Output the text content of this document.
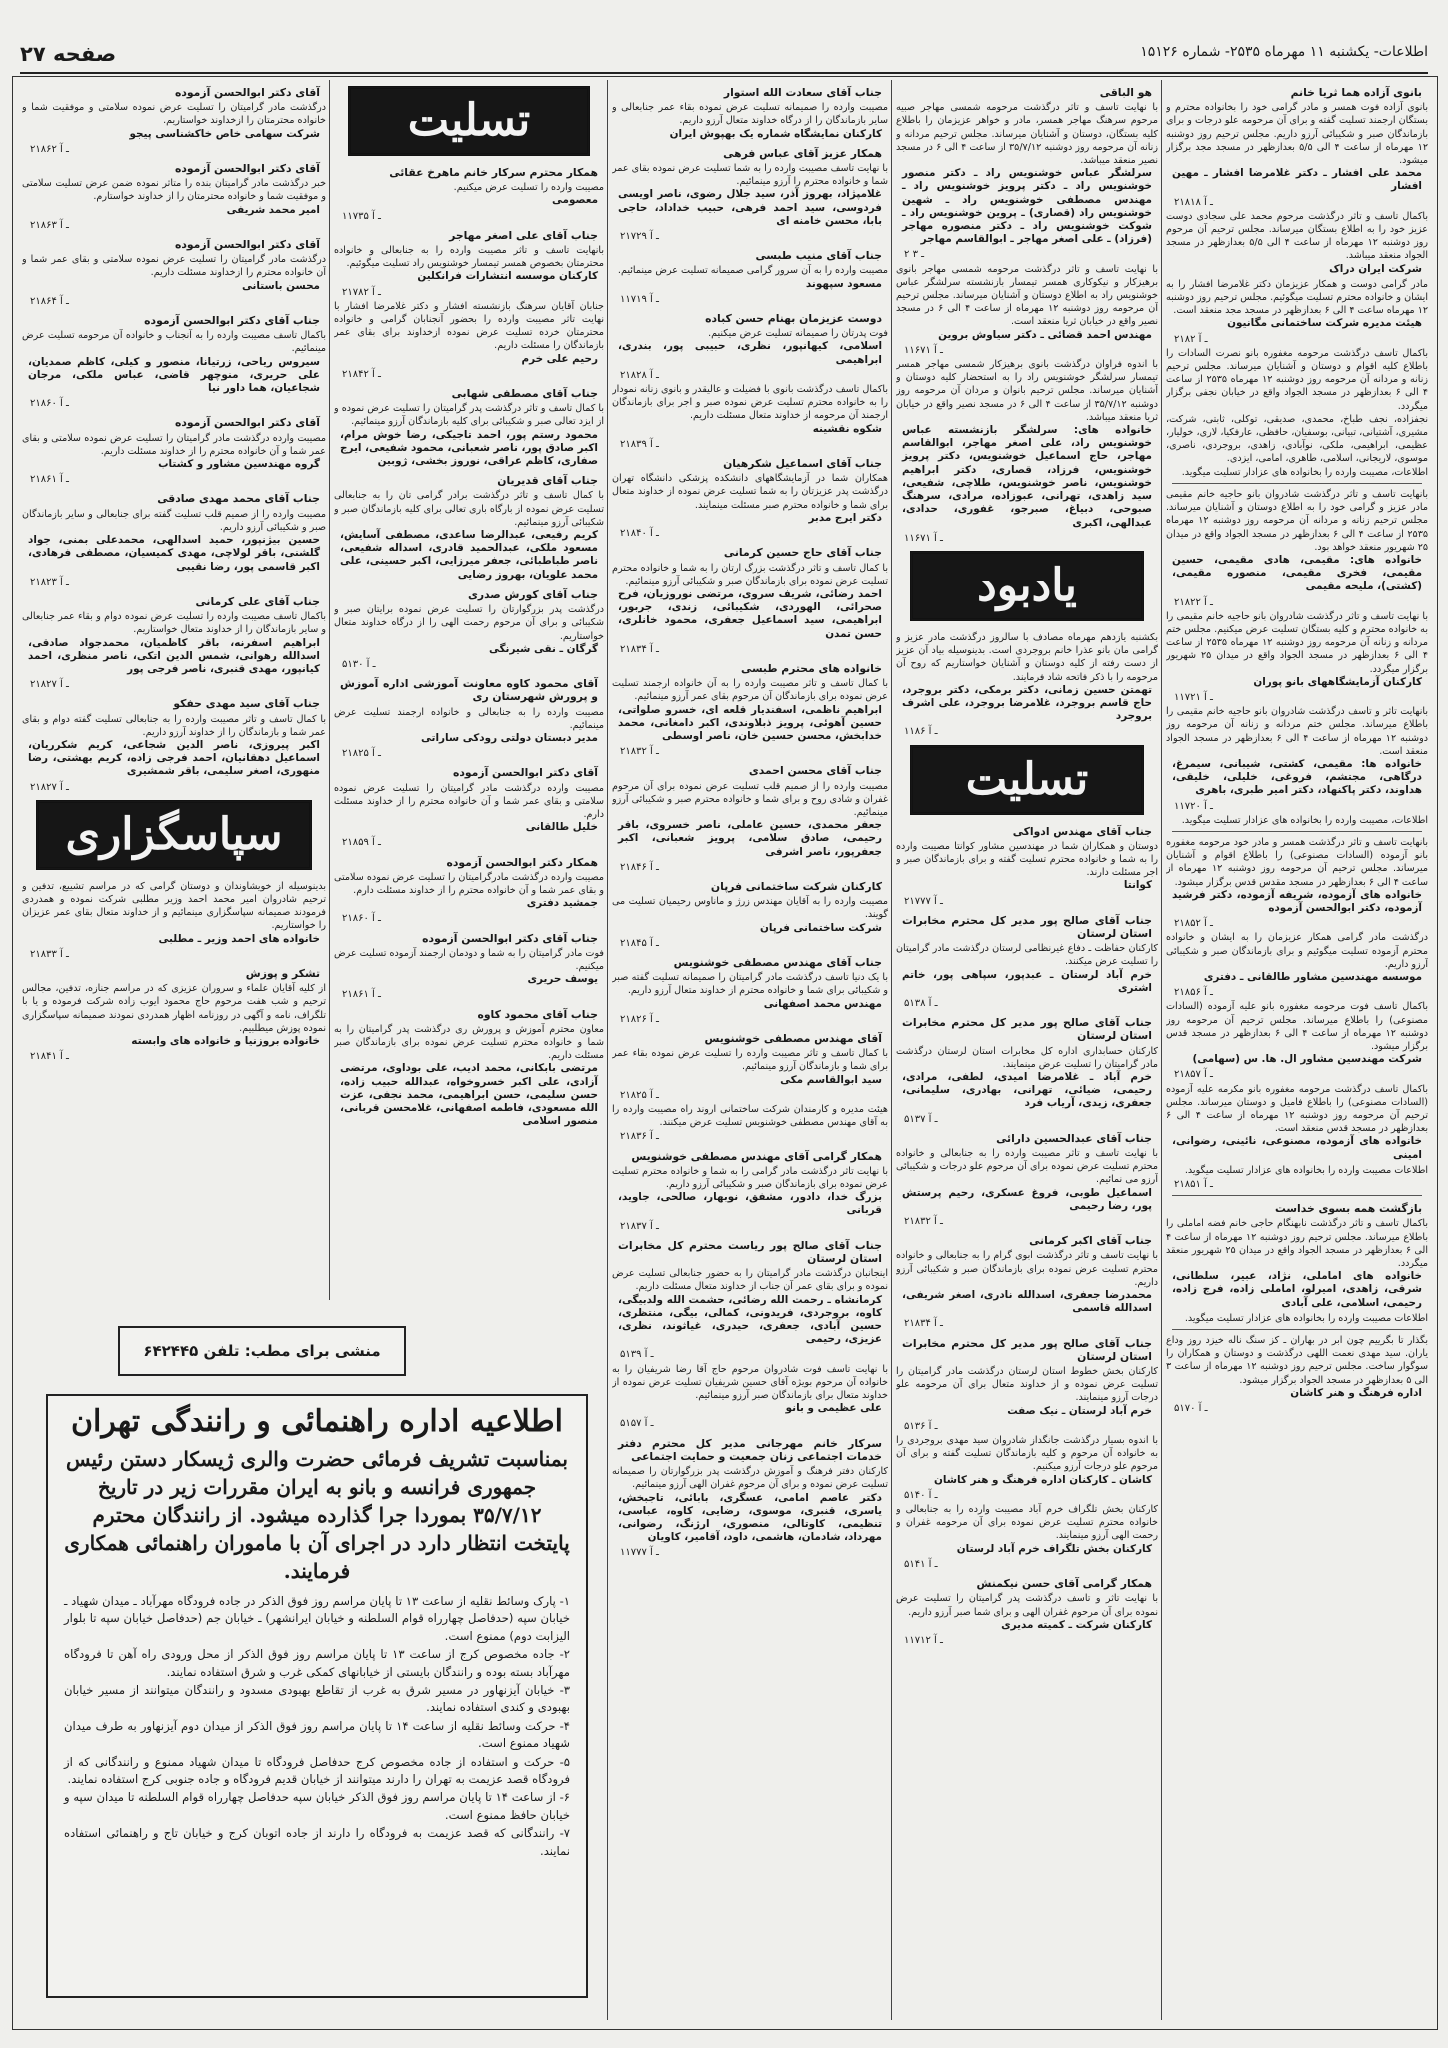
اطلاعات- یکشنبه ۱۱ مهرماه ۲۵۳۵- شماره ۱۵۱۲۶
صفحه ۲۷
بانوی آزاده هما ثریا خانم
بانوی آزاده فوت همسر و مادر گرامی خود را بخانواده محترم و بستگان ارجمند تسلیت گفته و برای آن مرحومه علو درجات و برای بازماندگان صبر و شکیبائی آرزو داریم. مجلس ترحیم روز دوشنبه ۱۲ مهرماه از ساعت ۴ الی ۵/۵ بعدازظهر در مسجد مجد برگزار میشود.
محمد علی افشار ـ دکتر غلامرضا افشار ـ مهین افشار
۲۱۸۱۸ ـ آ
باکمال تاسف و تاثر درگذشت مرحوم محمد علی سجادی دوست عزیز خود را به اطلاع بستگان میرساند. مجلس ترحیم آن مرحوم روز دوشنبه ۱۲ مهرماه از ساعت ۴ الی ۵/۵ بعدازظهر در مسجد الجواد منعقد میباشد.
شرکت ایران دراک
مادر گرامی دوست و همکار عزیزمان دکتر غلامرضا افشار را به ایشان و خانواده محترم تسلیت میگوئیم. مجلس ترحیم روز دوشنبه ۱۲ مهرماه ساعت ۴ الی ۶ بعدازظهر در مسجد مجد منعقد است.
هیئت مدیره شرکت ساختمانی مگانیون
۲۱۸۲ ـ آ
باکمال تاسف درگذشت مرحومه مغفوره بانو نصرت السادات را باطلاع کلیه اقوام و دوستان و آشنایان میرساند. مجلس ترحیم زنانه و مردانه آن مرحومه روز دوشنبه ۱۲ مهرماه ۲۵۳۵ از ساعت ۴ الی ۶ بعدازظهر در مسجد الجواد واقع در خیابان نجفی برگزار میگردد.
نجفزاده، نجف طباخ، محمدی، صدیقی، توکلی، ثابتی، شرکت، مشیری، آشتیانی، تبیانی، بوسفیان، حافظی، عارفکیا، لاری، خولیار، عظیمی، ابراهیمی، ملکی، نوآبادی، زاهدی، بروجردی، ناصری، موسوی، لاریجانی، اسلامی، طاهری، امامی، ایزدی.
اطلاعات، مصیبت وارده را بخانواده های عزادار تسلیت میگوید.
بانهایت تاسف و تاثر درگذشت شادروان بانو حاجیه خانم مقیمی مادر عزیز و گرامی خود را به اطلاع دوستان و آشنایان میرساند. مجلس ترحیم زنانه و مردانه آن مرحومه روز دوشنبه ۱۲ مهرماه ۲۵۳۵ از ساعت ۴ الی ۶ بعدازظهر در مسجد الجواد واقع در میدان ۲۵ شهریور منعقد خواهد بود.
خانواده های: مقیمی، هادی مقیمی، حسین مقیمی، فخری مقیمی، منصوره مقیمی، (کشتی)، ملیحه مقیمی
۲۱۸۲۲ ـ آ
با نهایت تاسف و تاثر درگذشت شادروان بانو حاجیه خانم مقیمی را به خانواده محترم و کلیه بستگان تسلیت عرض میکنیم. مجلس ختم مردانه و زنانه آن مرحومه روز دوشنبه ۱۲ مهرماه ۲۵۳۵ از ساعت ۴ الی ۶ بعدازظهر در مسجد الجواد واقع در میدان ۲۵ شهریور برگزار میگردد.
کارکنان آزمایشگاههای بانو پوران
۱۱۷۲۱ ـ آ
بانهایت تاثر و تاسف درگذشت شادروان بانو حاجیه خانم مقیمی را باطلاع میرساند. مجلس ختم مردانه و زنانه آن مرحومه روز دوشنبه ۱۲ مهرماه از ساعت ۴ الی ۶ بعدازظهر در مسجد الجواد منعقد است.
خانواده ها: مقیمی، کشتی، شیبانی، سیمرغ، درگاهی، مجتشم، فروغی، خلیلی، خلیقی، هداوند، دکتر پاکنهاد، دکتر امیر طبری، باهری
۱۱۷۲۰ ـ آ
اطلاعات، مصیبت وارده را بخانواده های عزادار تسلیت میگوید.
بانهایت تاسف و تاثر درگذشت همسر و مادر خود مرحومه مغفوره بانو آزموده (السادات مصنوعی) را باطلاع اقوام و آشنایان میرساند. مجلس ترحیم آن مرحومه روز دوشنبه ۱۲ مهرماه از ساعت ۴ الی ۶ بعدازظهر در مسجد مقدس قدس برگزار میشود.
خانواده های آزموده، شریفه آزموده، دکتر فرشید آزموده، دکتر ابوالحسن آزموده
۲۱۸۵۲ ـ آ
درگذشت مادر گرامی همکار عزیزمان را به ایشان و خانواده محترم آزموده تسلیت میگوئیم و برای بازماندگان صبر و شکیبائی آرزو داریم.
موسسه مهندسین مشاور طالقانی ـ دفتری
۲۱۸۵۶ ـ آ
باکمال تاسف فوت مرحومه مغفوره بانو علیه آزموده (السادات مصنوعی) را باطلاع میرساند. مجلس ترحیم آن مرحومه روز دوشنبه ۱۲ مهرماه از ساعت ۴ الی ۶ بعدازظهر در مسجد قدس برگزار میشود.
شرکت مهندسین مشاور ال. ها. س (سهامی)
۲۱۸۵۷ ـ آ
باکمال تاسف درگذشت مرحومه مغفوره بانو مکرمه علیه آزموده (السادات مصنوعی) را باطلاع فامیل و دوستان میرساند. مجلس ترحیم آن مرحومه روز دوشنبه ۱۲ مهرماه از ساعت ۴ الی ۶ بعدازظهر در مسجد قدس منعقد است.
خانواده های آزموده، مصنوعی، نائینی، رضوانی، امینی
اطلاعات مصیبت وارده را بخانواده های عزادار تسلیت میگوید.
۲۱۸۵۱ ـ آ
بازگشت همه بسوی خداست
باکمال تاسف و تاثر درگذشت نابهنگام حاجی خانم فضه اماملی را باطلاع میرساند. مجلس ترحیم روز دوشنبه ۱۲ مهرماه از ساعت ۴ الی ۶ بعدازظهر در مسجد الجواد واقع در میدان ۲۵ شهریور منعقد میگردد.
خانواده های اماملی، نژاد، عبیر، سلطانی، شرقی، زاهدی، امیرلو، اماملی زاده، فرج زاده، رحیمی، اسلامی، علی آبادی
اطلاعات مصیبت وارده را بخانواده های عزادار تسلیت میگوید.
بگذار تا بگرییم چون ابر در بهاران ـ کز سنگ ناله خیزد روز وداع یاران. سید مهدی نعمت اللهی درگذشت و دوستان و همکاران را سوگوار ساخت. مجلس ترحیم روز دوشنبه ۱۲ مهرماه از ساعت ۳ الی ۵ بعدازظهر در مسجد الجواد برگزار میشود.
اداره فرهنگ و هنر کاشان
۵۱۷۰ ـ آ
هو الباقی
با نهایت تاسف و تاثر درگذشت مرحومه شمسی مهاجر صبیه مرحوم سرهنگ مهاجر همسر، مادر و خواهر عزیزمان را باطلاع کلیه بستگان، دوستان و آشنایان میرساند. مجلس ترحیم مردانه و زنانه آن مرحومه روز دوشنبه ۳۵/۷/۱۲ از ساعت ۴ الی ۶ در مسجد نصیر منعقد میباشد.
سرلشگر عباس خوشنویس راد ـ دکتر منصور خوشنویس راد ـ دکتر پرویز خوشنویس راد ـ مهندس مصطفی خوشنویس راد ـ شهین خوشنویس راد (قصاری) ـ پروین خوشنویس راد ـ شوکت خوشنویس راد ـ دکتر منصوره مهاجر (فرزاد) ـ علی اصغر مهاجر ـ ابوالقاسم مهاجر
۲ ـ ۳
با نهایت تاسف و تاثر درگذشت مرحومه شمسی مهاجر بانوی برهیزکار و نیکوکاری همسر تیمسار بازنشسته سرلشگر عباس خوشنویس راد به اطلاع دوستان و آشنایان میرساند. مجلس ترحیم آن مرحومه روز دوشنبه ۱۲ مهرماه از ساعت ۴ الی ۶ در مسجد نصیر واقع در خیابان ثریا منعقد است.
مهندس احمد قضائی ـ دکتر سیاوش بروین
۱۱۶۷۱ ـ آ
با اندوه فراوان درگذشت بانوی برهیزکار شمسی مهاجر همسر تیمسار سرلشگر خوشنویس راد را به استحضار کلیه دوستان و آشنایان میرساند. مجلس ترحیم بانوان و مردان آن مرحومه روز دوشنبه ۳۵/۷/۱۲ از ساعت ۴ الی ۶ در مسجد نصیر واقع در خیابان ثریا منعقد میباشد.
خانواده های: سرلشگر بازنشسته عباس خوشنویس راد، علی اصغر مهاجر، ابوالقاسم مهاجر، حاج اسماعیل خوشنویس، دکتر پرویز خوشنویس، فرزاد، قصاری، دکتر ابراهیم خوشنویس، ناصر خوشنویس، طلاچی، شفیعی، سید زاهدی، تهرانی، عبوزاده، مرادی، سرهنگ صبوحی، دبیاغ، صبرجو، غفوری، حدادی، عبدالهی، اکبری
۱۱۶۷۱ ـ آ
یادبود
بکشنبه یازدهم مهرماه مصادف با سالروز درگذشت مادر عزیز و گرامی مان بانو عذرا خانم بروجردی است. بدینوسیله بیاد آن عزیز از دست رفته از کلیه دوستان و آشنایان خواستاریم که روح آن مرحومه را با ذکر فاتحه شاد فرمایند.
تهمتن حسین زمانی، دکتر برمکی، دکتر بروجرد، حاج قاسم بروجرد، غلامرضا بروجرد، علی اشرف بروجرد
۱۱۸۶ ـ آ
تسلیت
جناب آقای مهندس ادواکی
دوستان و همکاران شما در مهندسین مشاور کوانتا مصیبت وارده را به شما و خانواده محترم تسلیت گفته و برای بازماندگان صبر و اجر مسئلت دارند.
کوانتا
۲۱۷۷۷ ـ آ
جناب آقای صالح پور مدیر کل محترم مخابرات استان لرستان
کارکنان حفاظت ـ دفاع غیرنظامی لرستان درگذشت مادر گرامیتان را تسلیت عرض میکنند.
خرم آباد لرستان ـ عبدپور، سپاهی پور، خاتم اشتری
۵۱۳۸ ـ آ
جناب آقای صالح پور مدیر کل محترم مخابرات استان لرستان
کارکنان حسابداری اداره کل مخابرات استان لرستان درگذشت مادر گرامیتان را تسلیت عرض مینمایند.
خرم آباد ـ غلامرضا امیدی، لطفی، مرادی، رحیمی، ضیائی، تهرانی، بهادری، سلیمانی، جعفری، زیدی، آریاب فرد
۵۱۳۷ ـ آ
جناب آقای عبدالحسین دارائی
با نهایت تاسف و تاثر مصیبت وارده را به جنابعالی و خانواده محترم تسلیت عرض نموده برای آن مرحوم علو درجات و شکیبائی آرزو می نمائیم.
اسماعیل طوبی، فروغ عسکری، رحیم پرستش پور، رضا رحیمی
۲۱۸۳۲ ـ آ
جناب آقای اکبر کرمانی
با نهایت تاسف و تاثر درگذشت ابوی گرام را به جنابعالی و خانواده محترم تسلیت عرض نموده برای بازماندگان صبر و شکیبائی آرزو داریم.
محمدرضا جعفری، اسدالله نادری، اصغر شریفی، اسدالله قاسمی
۲۱۸۳۴ ـ آ
جناب آقای صالح پور مدیر کل محترم مخابرات استان لرستان
کارکنان بخش خطوط استان لرستان درگذشت مادر گرامیتان را تسلیت عرض نموده و از خداوند متعال برای آن مرحومه علو درجات آرزو مینمایند.
خرم آباد لرستان ـ نیک صفت
۵۱۳۶ ـ آ
با اندوه بسیار درگذشت جانگداز شادروان سید مهدی بروجردی را به خانواده آن مرحوم و کلیه بازماندگان تسلیت گفته و برای آن مرحوم علو درجات آرزو میکنیم.
کاشان ـ کارکنان اداره فرهنگ و هنر کاشان
۵۱۴۰ ـ آ
کارکنان بخش تلگراف خرم آباد مصیبت وارده را به جنابعالی و خانواده محترم تسلیت عرض نموده برای آن مرحومه غفران و رحمت الهی آرزو مینمایند.
کارکنان بخش تلگراف خرم آباد لرستان
۵۱۴۱ ـ آ
همکار گرامی آقای حسن نیکمنش
با نهایت تاثر و تاسف درگذشت پدر گرامیتان را تسلیت عرض نموده برای آن مرحوم غفران الهی و برای شما صبر آرزو داریم.
کارکنان شرکت ـ کمیته مدیری
۱۱۷۱۲ ـ آ
جناب آقای سعادت الله استوار
مصیبت وارده را صمیمانه تسلیت عرض نموده بقاء عمر جنابعالی و سایر بازماندگان را از درگاه خداوند متعال آرزو داریم.
کارکنان نمایشگاه شماره یک بهپوش ایران
همکار عزیز آقای عباس فرهی
با نهایت تاسف مصیبت وارده را به شما تسلیت عرض نموده بقای عمر شما و خانواده محترم را آرزو مینمائیم.
غلامپژاد، بهروز آذر، سید جلال رضوی، ناصر اویسی فردوسی، سید احمد فرهی، حبیب خداداد، حاجی بابا، محسن خامنه ای
۲۱۷۲۹ ـ آ
جناب آقای منیب طبسی
مصیبت وارده را به آن سرور گرامی صمیمانه تسلیت عرض مینمائیم.
مسعود سپهوند
۱۱۷۱۹ ـ آ
دوست عزیزمان بهنام حسن کباده
فوت پدرتان را صمیمانه تسلیت عرض میکنیم.
اسلامی، کیهانپور، نظری، حبیبی پور، بندری، ابراهیمی
۲۱۸۲۸ ـ آ
باکمال تاسف درگذشت بانوی با فضیلت و عالیقدر و بانوی زنانه نمودار را به خانواده محترم تسلیت عرض نموده صبر و اجر برای بازماندگان ارجمند آن مرحومه از خداوند متعال مسئلت داریم.
شکوه نقشینه
۲۱۸۳۹ ـ آ
جناب آقای اسماعیل شکرهیان
همکاران شما در آزمایشگاههای دانشکده پزشکی دانشگاه تهران درگذشت پدر عزیزتان را به شما تسلیت عرض نموده از خداوند متعال برای شما و خانواده محترم صبر مسئلت مینمایند.
دکتر ایرج مدبر
۲۱۸۴۰ ـ آ
جناب آقای حاج حسین کرمانی
با کمال تاسف و تاثر درگذشت بزرگ ارتان را به شما و خانواده محترم تسلیت عرض نموده برای بازماندگان صبر و شکیبائی آرزو مینمائیم.
احمد رضائی، شریف سروی، مرتضی نوروزیان، فرح صحرائی، الهوردی، شکیبائی، زندی، جربور، ابراهیمی، سید اسماعیل جعفری، محمود خانلری، حسن تمدن
۲۱۸۳۴ ـ آ
خانواده های محترم طبسی
با کمال تاسف و تاثر مصیبت وارده را به آن خانواده ارجمند تسلیت عرض نموده برای بازماندگان آن مرحوم بقای عمر آرزو مینمائیم.
ابراهیم ناظمی، اسفندیار قلعه ای، خسرو صلواتی، حسین آهوئی، پرویز ذبلاوندی، اکبر دامغانی، محمد خدابخش، محسن حسین خان، ناصر اوسطی
۲۱۸۳۲ ـ آ
جناب آقای محسن احمدی
مصیبت وارده را از صمیم قلب تسلیت عرض نموده برای آن مرحوم غفران و شادی روح و برای شما و خانواده محترم صبر و شکیبائی آرزو مینمائیم.
جعفر محمدی، حسین عاملی، ناصر خسروی، باقر رحیمی، صادق سلامی، پرویز شعبانی، اکبر جعفرپور، ناصر اشرفی
۲۱۸۴۶ ـ آ
کارکنان شرکت ساختمانی فرپان
مصیبت وارده را به آقایان مهندس زرژ و ماناوس رحیمیان تسلیت می گویند.
شرکت ساختمانی فرپان
۲۱۸۴۵ ـ آ
جناب آقای مهندس مصطفی خوشنویس
با یک دنیا تاسف درگذشت مادر گرامیتان را صمیمانه تسلیت گفته صبر و شکیبائی برای شما و خانواده محترم از خداوند متعال آرزو داریم.
مهندس محمد اصفهانی
۲۱۸۲۶ ـ آ
آقای مهندس مصطفی خوشنویس
با کمال تاسف و تاثر مصیبت وارده را تسلیت عرض نموده بقاء عمر برای شما و بازماندگان آرزو مینمائیم.
سید ابوالقاسم مکی
۲۱۸۲۵ ـ آ
هیئت مدیره و کارمندان شرکت ساختمانی اروند راه مصیبت وارده را به آقای مهندس مصطفی خوشنویس تسلیت عرض میکنند.
۲۱۸۳۶ ـ آ
همکار گرامی آقای مهندس مصطفی خوشنویس
با نهایت تاثر درگذشت مادر گرامی را به شما و خانواده محترم تسلیت عرض نموده برای بازماندگان صبر و شکیبائی آرزو داریم.
بزرگ خدا، دادور، مشفق، نوبهار، صالحی، جاوید، قربانی
۲۱۸۳۷ ـ آ
جناب آقای صالح پور ریاست محترم کل مخابرات استان لرستان
اینجانبان درگذشت مادر گرامیتان را به حضور جنابعالی تسلیت عرض نموده و برای بقای عمر آن جناب از خداوند متعال مسئلت داریم.
کرمانشاه ـ رحمت الله رضائی، حشمت الله ولدبیگی، کاوه، بروجردی، فریدونی، کمالی، بیگی، منتظری، حسین آبادی، جعفری، حیدری، غیاثوند، نظری، عزیزی، رحیمی
۵۱۳۹ ـ آ
با نهایت تاسف فوت شادروان مرحوم حاج آقا رضا شریفیان را به خانواده آن مرحوم بویژه آقای حسین شریفیان تسلیت عرض نموده از خداوند متعال برای بازماندگان صبر آرزو مینمائیم.
علی عظیمی و بانو
۵۱۵۷ ـ آ
سرکار خانم مهرجانی مدیر کل محترم دفتر خدمات اجتماعی زنان جمعیت و حمایت اجتماعی
کارکنان دفتر فرهنگ و آموزش درگذشت پدر بزرگوارتان را صمیمانه تسلیت عرض نموده و برای آن مرحوم غفران الهی آرزو مینمائیم.
دکتر عاصم امامی، عسگری، بابائی، تاجبخش، یاسری، قنبری، موسوی، رضایی، کاوه، عباسی، تنظیمی، کاوتالی، منصوری، ارژنگ، رضوانی، مهرداد، شادمان، هاشمی، داود، آقامیر، کاویان
۱۱۷۷۷ ـ آ
تسلیت
همکار محترم سرکار خانم ماهرخ عقائی
مصیبت وارده را تسلیت عرض میکنیم.
معصومی
۱۱۷۳۵ ـ آ
جناب آقای علی اصغر مهاجر
بانهایت تاسف و تاثر مصیبت وارده را به جنابعالی و خانواده محترمتان بخصوص همسر تیمسار خوشنویس راد تسلیت میگوئیم.
کارکنان موسسه انتشارات فرانکلین
۲۱۷۸۲ ـ آ
جنابان آقایان سرهنگ بازنشسته افشار و دکتر غلامرضا افشار با نهایت تاثر مصیبت وارده را بحضور آنجنابان گرامی و خانواده محترمتان خرده تسلیت عرض نموده ازخداوند برای بقای عمر بازماندگان را مسئلت داریم.
رحیم علی خرم
۲۱۸۴۲ ـ آ
جناب آقای مصطفی شهابی
با کمال تاسف و تاثر درگذشت پدر گرامیتان را تسلیت عرض نموده و از ایزد تعالی صبر و شکیبائی برای کلیه بازماندگان آرزو مینمائیم.
محمود رستم پور، احمد تاجیکی، رضا خوش مرام، اکبر صادق پور، ناصر شعبانی، محمود شفیعی، ایرج صفاری، کاظم عراقی، نوروز بخشی، ژوبین
جناب آقای قدیریان
با کمال تاسف و تاثر درگذشت برادر گرامی تان را به جنابعالی تسلیت عرض نموده از بارگاه باری تعالی برای کلیه بازماندگان صبر و شکیبائی آرزو مینمائیم.
کریم رفیعی، عبدالرضا ساعدی، مصطفی آسایش، مسعود ملکی، عبدالحمید قادری، اسداله شفیعی، ناصر طباطبائی، جعفر میرزایی، اکبر حسینی، علی محمد علویان، بهروز رضایی
جناب آقای کورش صدری
درگذشت پدر بزرگوارتان را تسلیت عرض نموده برایتان صبر و شکیبائی و برای آن مرحوم رحمت الهی را از درگاه خداوند متعال خواستاریم.
گرگان ـ نقی شیرنگی
۵۱۳۰ ـ آ
آقای محمود کاوه معاونت آموزشی اداره آموزش و پرورش شهرستان ری
مصیبت وارده را به جنابعالی و خانواده ارجمند تسلیت عرض مینمائیم.
مدیر دبستان دولتی رودکی ساراتی
۲۱۸۲۵ ـ آ
آقای دکتر ابوالحسن آزموده
مصیبت وارده درگذشت مادر گرامیتان را تسلیت عرض نموده سلامتی و بقای عمر شما و آن خانواده محترم را از خداوند مسئلت دارم.
خلیل طالقانی
۲۱۸۵۹ ـ آ
همکار دکتر ابوالحسن آزموده
مصیبت وارده درگذشت مادرگرامیتان را تسلیت عرض نموده سلامتی و بقای عمر شما و آن خانواده محترم را از خداوند مسئلت دارم.
جمشید دفتری
۲۱۸۶۰ ـ آ
جناب آقای دکتر ابوالحسن آزموده
فوت مادر گرامیتان را به شما و دودمان ارجمند آزموده تسلیت عرض میکنیم.
یوسف حریری
۲۱۸۶۱ ـ آ
جناب آقای محمود کاوه
معاون محترم آموزش و پرورش ری درگذشت پدر گرامیتان را به شما و خانواده محترم تسلیت عرض نموده برای بازماندگان صبر مسئلت داریم.
مرتضی بابکانی، محمد ادیب، علی بوداوی، مرتضی آزادی، علی اکبر خسروخواه، عبدالله حبیب زاده، حسن سلیمی، حسن ابراهیمی، محمد نجفی، عزت الله مسعودی، فاطمه اصفهانی، غلامحسن قربانی، منصور اسلامی
آقای دکتر ابوالحسن آزموده
درگذشت مادر گرامیتان را تسلیت عرض نموده سلامتی و موفقیت شما و خانواده محترمتان را ازخداوند خواستاریم.
شرکت سهامی خاص خاکشناسی پیجو
۲۱۸۶۲ ـ آ
آقای دکتر ابوالحسن آزموده
خبر درگذشت مادر گرامیتان بنده را متاثر نموده ضمن عرض تسلیت سلامتی و موفقیت شما و خانواده محترمتان را از خداوند خواستارم.
امیر محمد شریفی
۲۱۸۶۳ ـ آ
آقای دکتر ابوالحسن آزموده
درگذشت مادر گرامیتان را تسلیت عرض نموده سلامتی و بقای عمر شما و آن خانواده محترم را ازخداوند مسئلت داریم.
محسن باستانی
۲۱۸۶۴ ـ آ
جناب آقای دکتر ابوالحسن آزموده
باکمال تاسف مصیبت وارده را به آنجناب و خانواده آن مرحومه تسلیت عرض مینمائیم.
سیروس ریاحی، زرتیانا، منصور و کیلی، کاظم صمدیان، علی حریری، منوچهر قاضی، عباس ملکی، مرجان شجاعیان، هما داور نیا
۲۱۸۶۰ ـ آ
آقای دکتر ابوالحسن آزموده
مصیبت وارده درگذشت مادر گرامیتان را تسلیت عرض نموده سلامتی و بقای عمر شما و آن خانواده محترم را از خداوند مسئلت داریم.
گروه مهندسین مشاور و کشتاب
۲۱۸۶۱ ـ آ
جناب آقای محمد مهدی صادقی
مصیبت وارده را از صمیم قلب تسلیت گفته برای جنابعالی و سایر بازماندگان صبر و شکیبائی آرزو داریم.
حسین بیژنپور، حمید اسدالهی، محمدعلی بمنی، جواد گلشنی، باقر لولاچی، مهدی کمیسیان، مصطفی فرهادی، اکبر قاسمی پور، رضا نقیبی
۲۱۸۲۳ ـ آ
جناب آقای علی کرمانی
باکمال تاسف مصیبت وارده را تسلیت عرض نموده دوام و بقاء عمر جنابعالی و سایر بازماندگان را از خداوند متعال خواستاریم.
ابراهیم اسفرنه، باقر کاظمیان، محمدجواد صادقی، اسدالله رهوانی، شمس الدین اتکی، ناصر منظری، احمد کیانپور، مهدی قنبری، ناصر فرجی پور
۲۱۸۲۷ ـ آ
جناب آقای سید مهدی حفکو
با کمال تاسف و تاثر مصیبت وارده را به جنابعالی تسلیت گفته دوام و بقای عمر شما و بازماندگان را از خداوند آرزو داریم.
اکبر پیروزی، ناصر الدین شجاعی، کریم شکرریان، اسماعیل دهقانیان، احمد فرجی زاده، کریم بهشتی، رضا منهوری، اصغر سلیمی، باقر شمشیری
۲۱۸۲۷ ـ آ
سپاسگزاری
بدینوسیله از خویشاوندان و دوستان گرامی که در مراسم تشییع، تدفین و ترحیم شادروان امیر محمد احمد وزیر مطلبی شرکت نموده و همدردی فرمودند صمیمانه سپاسگزاری مینمائیم و از خداوند متعال بقای عمر عزیزان را خواستاریم.
خانواده های احمد وزیر ـ مطلبی
۲۱۸۳۳ ـ آ
تشکر و پوزش
از کلیه آقایان علماء و سروران عزیزی که در مراسم جنازه، تدفین، مجالس ترحیم و شب هفت مرحوم حاج محمود ایوب زاده شرکت فرموده و یا با تلگراف، نامه و آگهی در روزنامه اظهار همدردی نمودند صمیمانه سپاسگزاری نموده پوزش میطلبیم.
خانواده بروزنیا و خانواده های وابسته
۲۱۸۴۱ ـ آ
منشی برای مطب: تلفن ۶۴۲۴۴۵
اطلاعیه اداره راهنمائی و رانندگی تهران
بمناسبت تشریف فرمائی حضرت والری ژیسکار دستن رئیس جمهوری فرانسه و بانو به ایران مقررات زیر در تاریخ ۳۵/۷/۱۲ بموردا جرا گذارده میشود. از رانندگان محترم پایتخت انتظار دارد در اجرای آن با ماموران راهنمائی همکاری فرمایند.
۱- پارک وسائط نقلیه از ساعت ۱۳ تا پایان مراسم روز فوق الذکر در جاده فرودگاه مهرآباد ـ میدان شهیاد ـ خیابان سپه (حدفاصل چهارراه قوام السلطنه و خیابان ایرانشهر) ـ خیابان جم (حدفاصل خیابان سپه تا بلوار الیزابت دوم) ممنوع است.
۲- جاده مخصوص کرج از ساعت ۱۳ تا پایان مراسم روز فوق الذکر از محل ورودی راه آهن تا فرودگاه مهرآباد بسته بوده و رانندگان بایستی از خیابانهای کمکی غرب و شرق استفاده نمایند.
۳- خیابان آیزنهاور در مسیر شرق به غرب از تقاطع بهبودی مسدود و رانندگان میتوانند از مسیر خیابان بهبودی و کندی استفاده نمایند.
۴- حرکت وسائط نقلیه از ساعت ۱۴ تا پایان مراسم روز فوق الذکر از میدان دوم آیزنهاور به طرف میدان شهیاد ممنوع است.
۵- حرکت و استفاده از جاده مخصوص کرج حدفاصل فرودگاه تا میدان شهیاد ممنوع و رانندگانی که از فرودگاه قصد عزیمت به تهران را دارند میتوانند از خیابان قدیم فرودگاه و جاده جنوبی کرج استفاده نمایند.
۶- از ساعت ۱۴ تا پایان مراسم روز فوق الذکر خیابان سپه حدفاصل چهارراه قوام السلطنه تا میدان سپه و خیابان حافظ ممنوع است.
۷- رانندگانی که قصد عزیمت به فرودگاه را دارند از جاده اتوبان کرج و خیابان تاج و راهنمائی استفاده نمایند.
